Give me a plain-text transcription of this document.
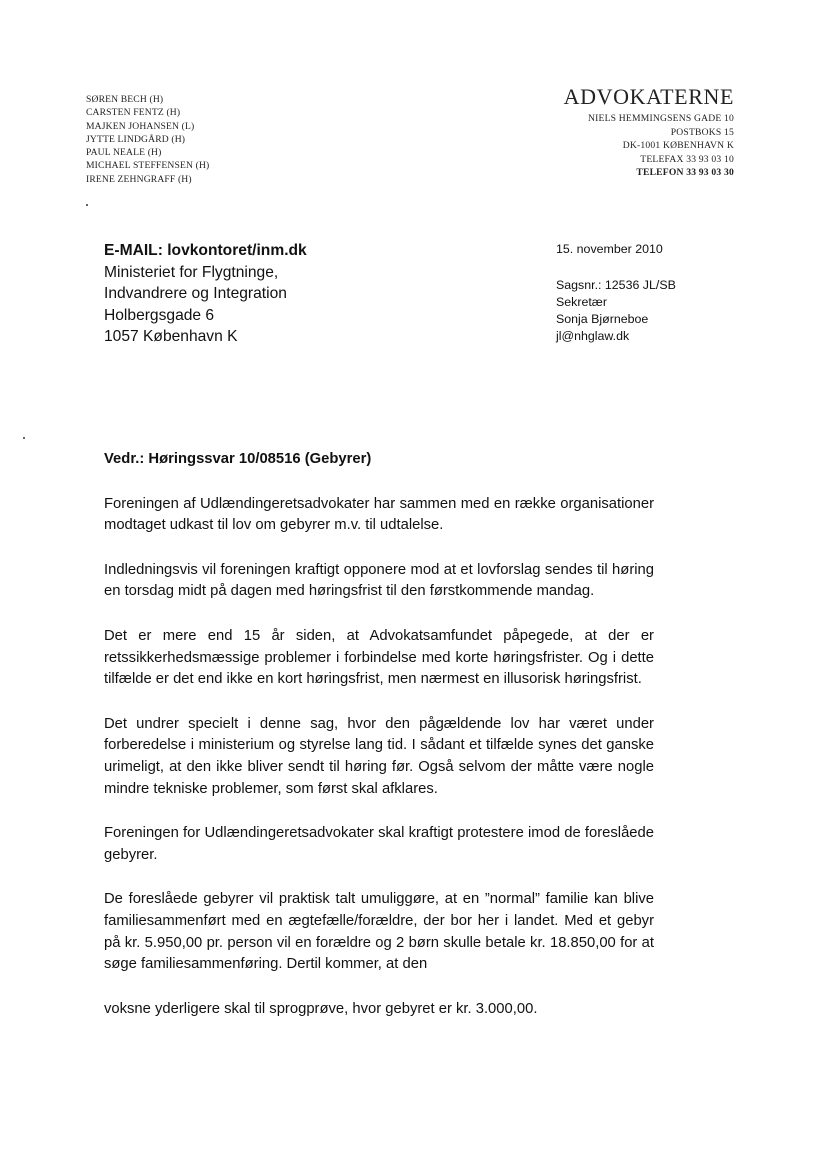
SØREN BECH (H)
CARSTEN FENTZ (H)
MAJKEN JOHANSEN (L)
JYTTE LINDGÅRD (H)
PAUL NEALE (H)
MICHAEL STEFFENSEN (H)
IRENE ZEHNGRAFF (H)
ADVOKATERNE
NIELS HEMMINGSENS GADE 10
POSTBOKS 15
DK-1001 KØBENHAVN K
TELEFAX 33 93 03 10
TELEFON 33 93 03 30
E-MAIL: lovkontoret/inm.dk
Ministeriet for Flygtninge,
Indvandrere og Integration
Holbergsgade 6
1057 København K
15. november 2010
Sagsnr.: 12536 JL/SB
Sekretær
Sonja Bjørneboe
jl@nhglaw.dk

Vedr.: Høringssvar 10/08516 (Gebyrer)

Foreningen af Udlændingeretsadvokater har sammen med en række organisationer modtaget udkast til lov om gebyrer m.v. til udtalelse.

Indledningsvis vil foreningen kraftigt opponere mod at et lovforslag sendes til høring en torsdag midt på dagen med høringsfrist til den førstkommende mandag.

Det er mere end 15 år siden, at Advokatsamfundet påpegede, at der er retssikkerhedsmæssige problemer i forbindelse med korte høringsfrister. Og i dette tilfælde er det end ikke en kort høringsfrist, men nærmest en illusorisk høringsfrist.

Det undrer specielt i denne sag, hvor den pågældende lov har været under forberedelse i ministerium og styrelse lang tid. I sådant et tilfælde synes det ganske urimeligt, at den ikke bliver sendt til høring før. Også selvom der måtte være nogle mindre tekniske problemer, som først skal afklares.

Foreningen for Udlændingeretsadvokater skal kraftigt protestere imod de foreslåede gebyrer.

De foreslåede gebyrer vil praktisk talt umuliggøre, at en ”normal” familie kan blive familiesammenført med en ægtefælle/forældre, der bor her i landet. Med et gebyr på kr. 5.950,00 pr. person vil en forældre og 2 børn skulle betale kr. 18.850,00 for at søge familiesammenføring. Dertil kommer, at den

voksne yderligere skal til sprogprøve, hvor gebyret er kr. 3.000,00.
